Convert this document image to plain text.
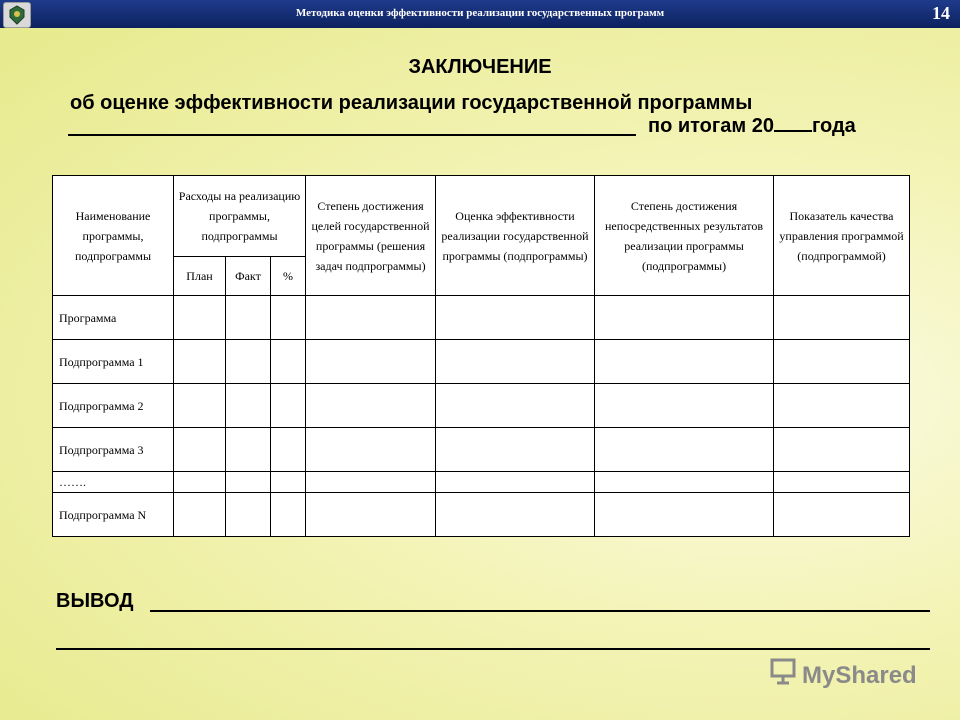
Методика оценки эффективности реализации государственных программ	14
ЗАКЛЮЧЕНИЕ
об оценке эффективности реализации государственной программы
по итогам 20 года
Наименование программы, подпрограммы	Расходы на реализацию программы, подпрограммы			Степень достижения целей государственной программы (решения задач подпрограммы)	Оценка эффективности реализации государственной программы (подпрограммы)	Степень достижения непосредственных результатов реализации программы (подпрограммы)	Показатель качества управления программой (подпрограммой)
	План	Факт	%				
Программа							
Подпрограмма 1							
Подпрограмма 2							
Подпрограмма 3							
…….							
Подпрограмма N							
ВЫВОД
MyShared
